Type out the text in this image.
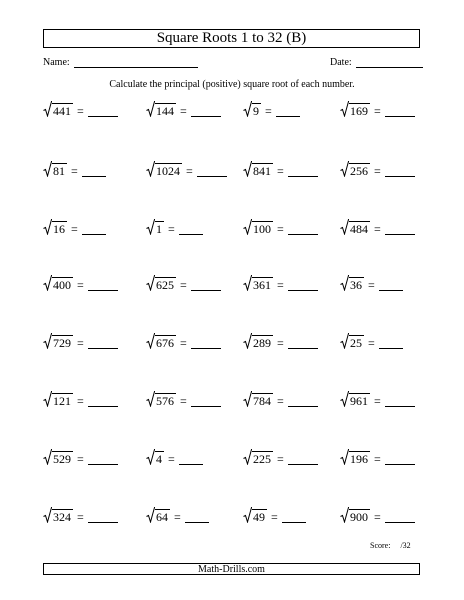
Square Roots 1 to 32 (B)
Name:	Date:
Calculate the principal (positive) square root of each number.
441 =	144 =	9 =	169 =
81 =	1024 =	841 =	256 =
16 =	1 =	100 =	484 =
400 =	625 =	361 =	36 =
729 =	676 =	289 =	25 =
121 =	576 =	784 =	961 =
529 =	4 =	225 =	196 =
324 =	64 =	49 =	900 =
Score: /32
Math-Drills.com
